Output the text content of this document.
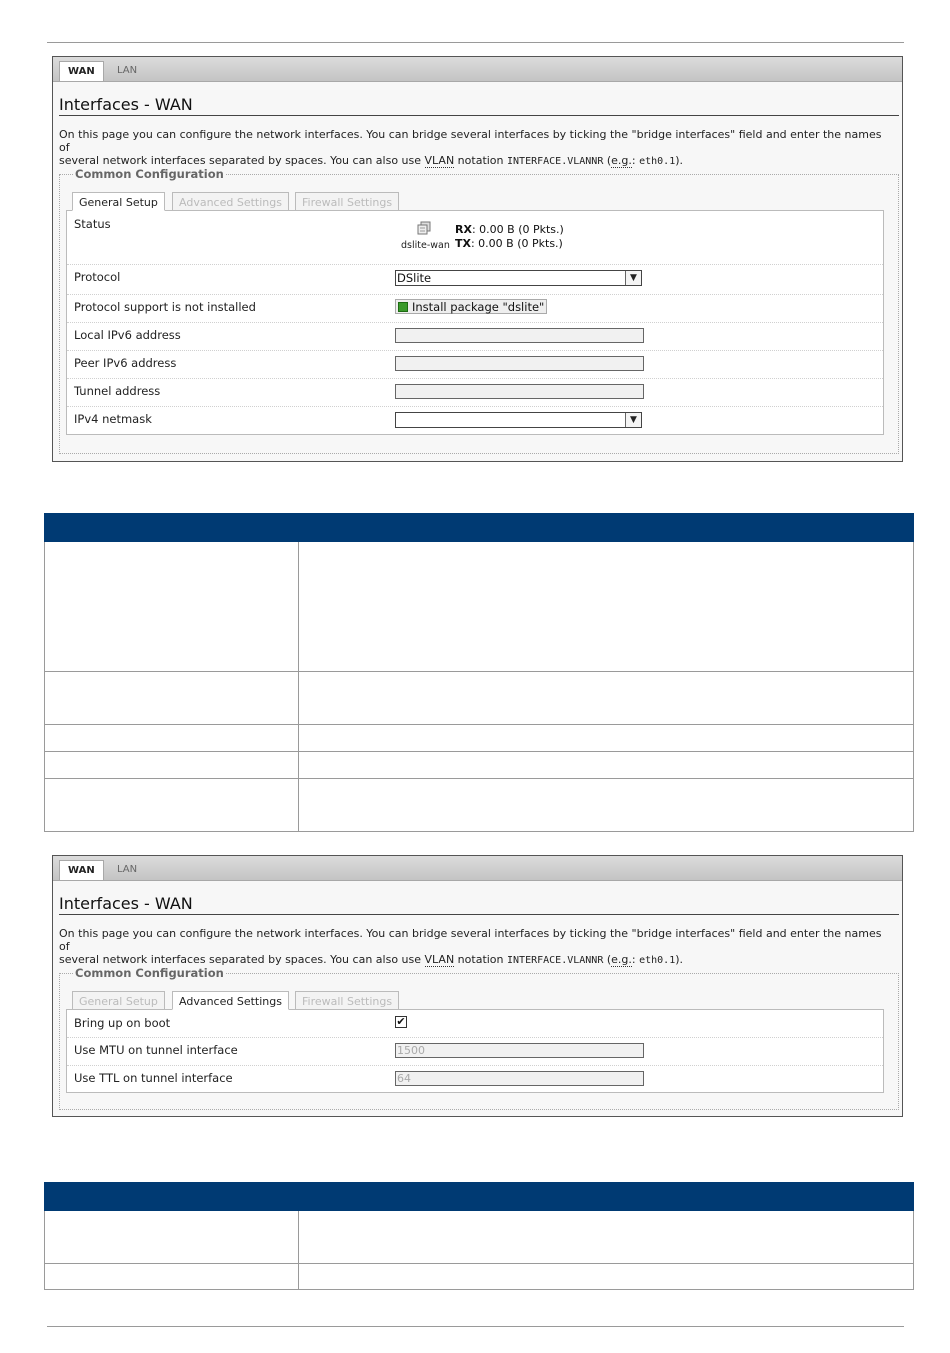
WAN	LAN
Interfaces - WAN
On this page you can configure the network interfaces. You can bridge several interfaces by ticking the "bridge interfaces" field and enter the names of
several network interfaces separated by spaces. You can also use VLAN notation INTERFACE.VLANNR (e.g.: eth0.1).
Common Configuration
General Setup	Advanced Settings	Firewall Settings
Status
dslite-wan
RX: 0.00 B (0 Pkts.)
TX: 0.00 B (0 Pkts.)
Protocol	DSlite	▼
Protocol support is not installed	Install package "dslite"
Local IPv6 address
Peer IPv6 address
Tunnel address
IPv4 netmask	▼

WAN	LAN
Interfaces - WAN
On this page you can configure the network interfaces. You can bridge several interfaces by ticking the "bridge interfaces" field and enter the names of
several network interfaces separated by spaces. You can also use VLAN notation INTERFACE.VLANNR (e.g.: eth0.1).
Common Configuration
General Setup	Advanced Settings	Firewall Settings
Bring up on boot	✔
Use MTU on tunnel interface	1500
Use TTL on tunnel interface	64
